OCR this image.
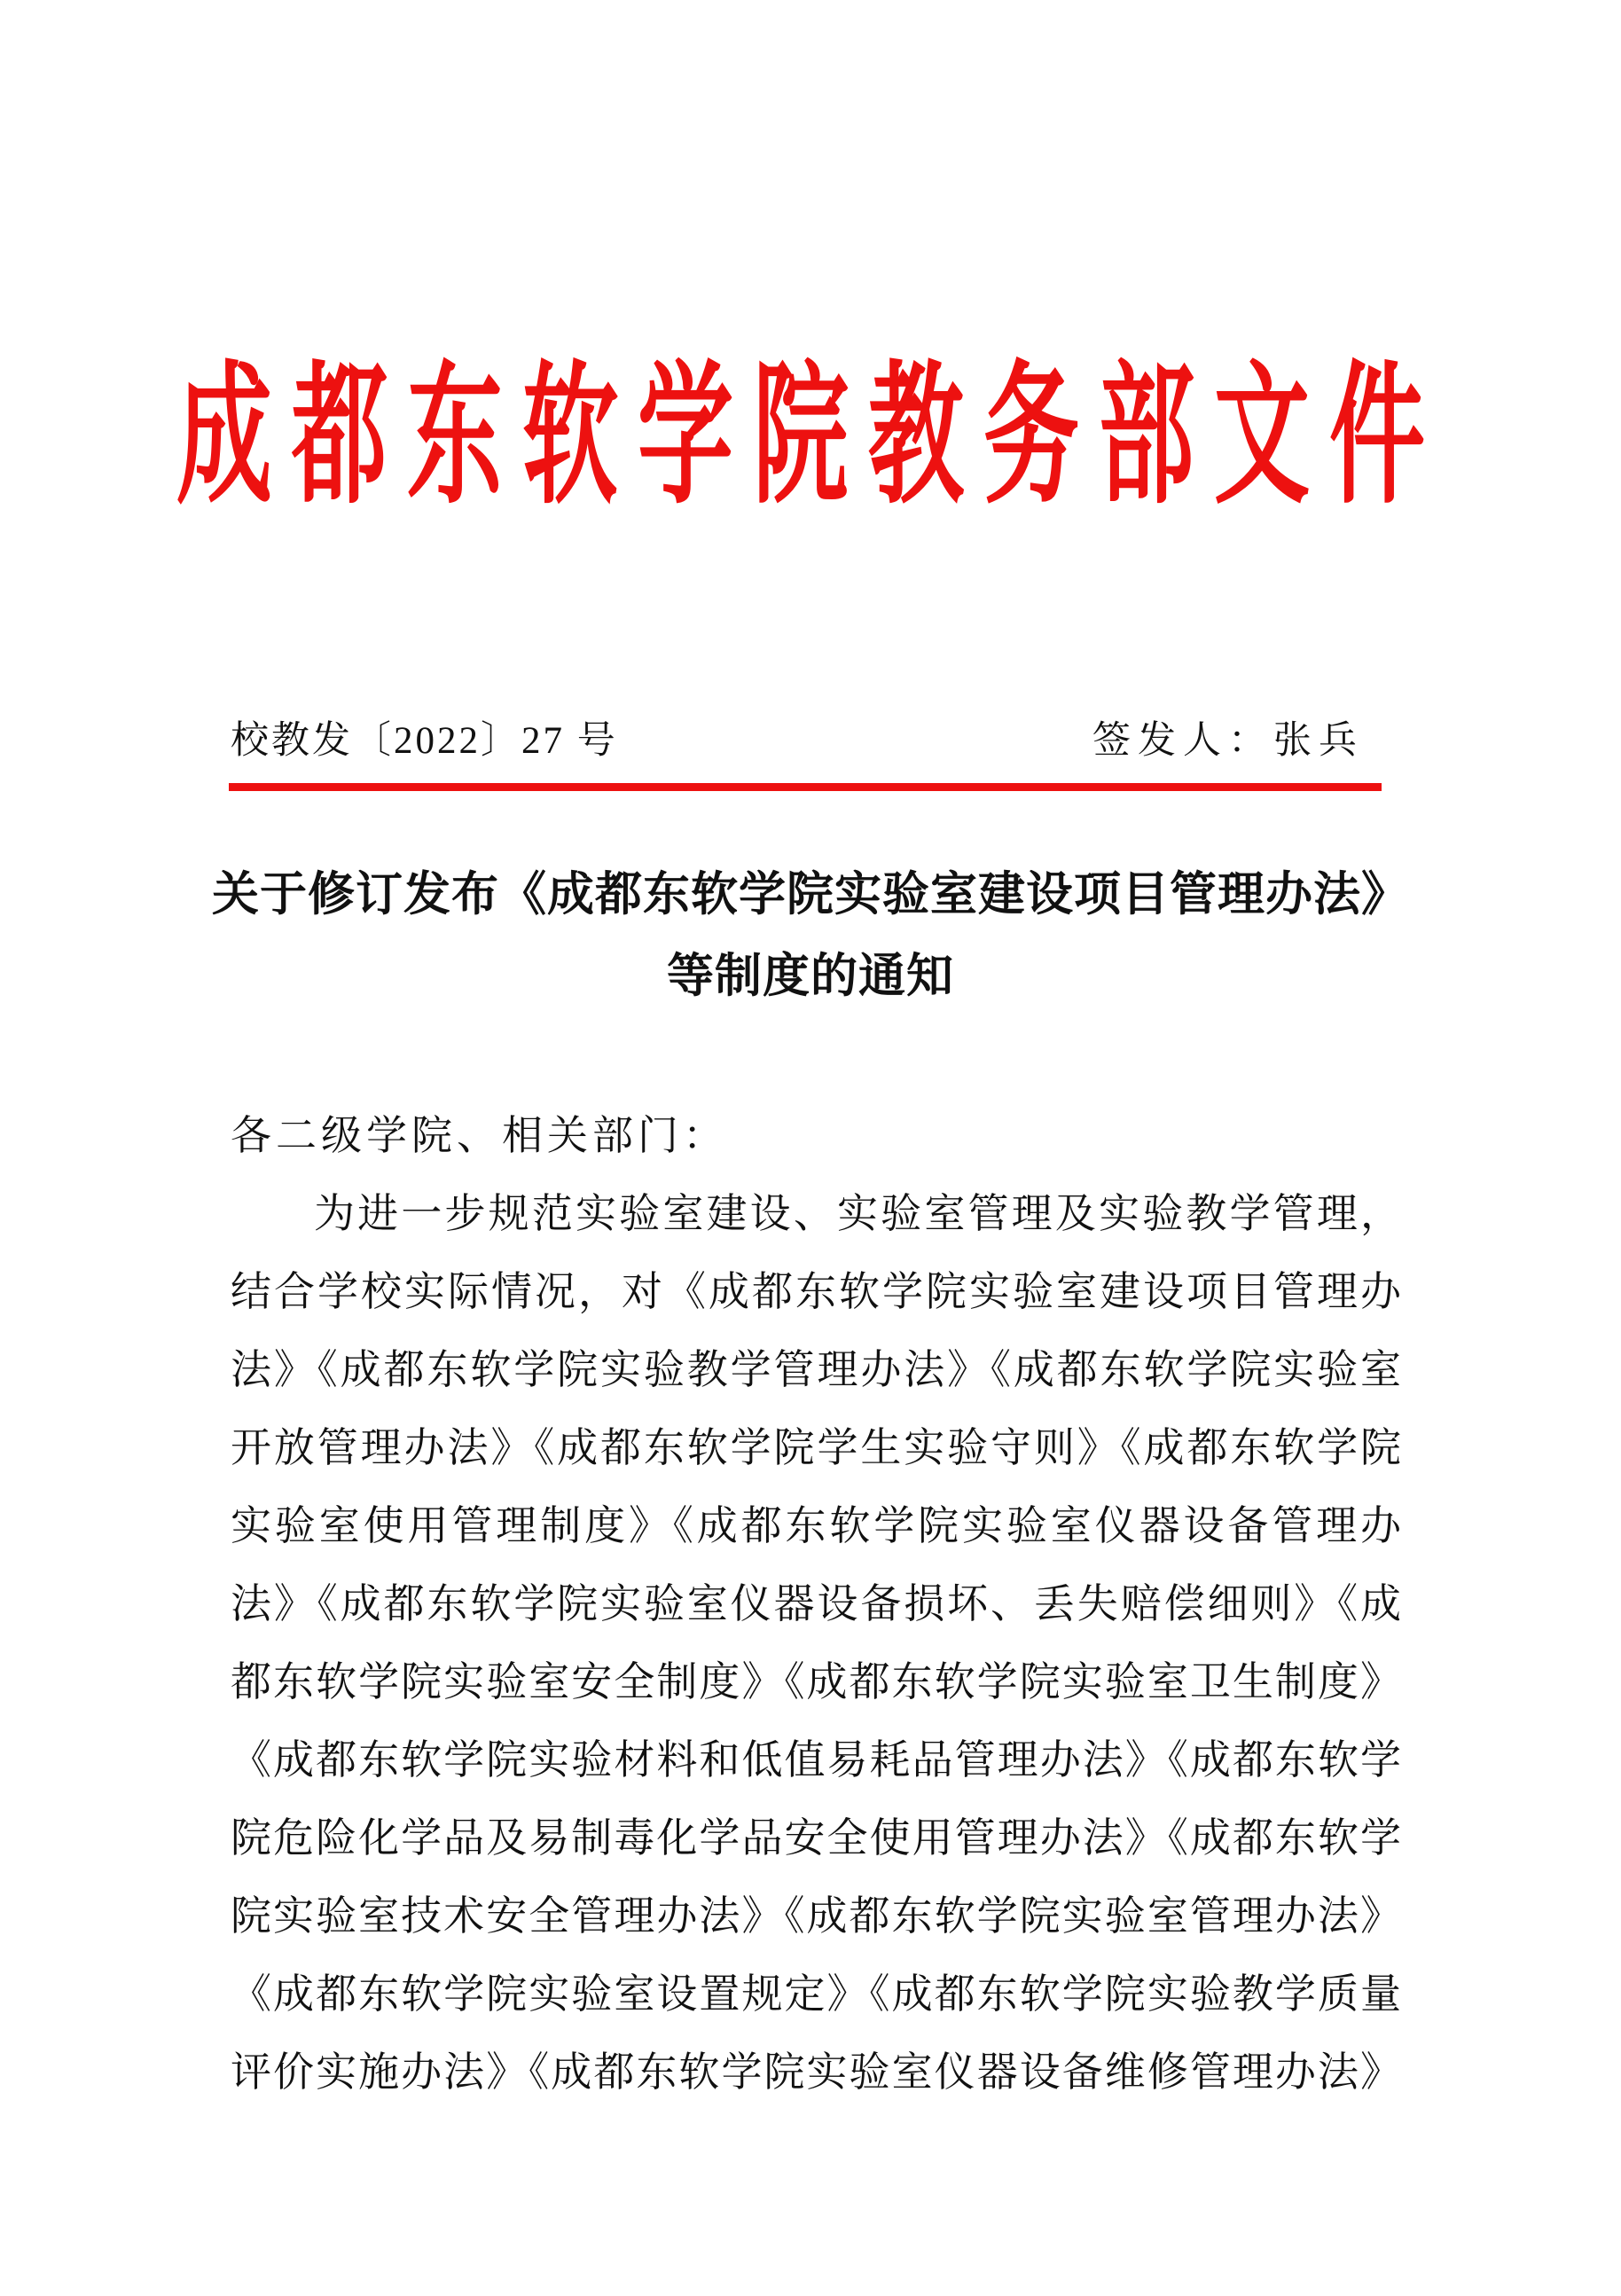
成都东软学院教务部文件
校教发〔2022〕27 号	签发人：张兵
关于修订发布《成都东软学院实验室建设项目管理办法》
等制度的通知
各二级学院、相关部门：
为进一步规范实验室建设、实验室管理及实验教学管理，
结合学校实际情况，对《成都东软学院实验室建设项目管理办
法》《成都东软学院实验教学管理办法》《成都东软学院实验室
开放管理办法》《成都东软学院学生实验守则》《成都东软学院
实验室使用管理制度》《成都东软学院实验室仪器设备管理办
法》《成都东软学院实验室仪器设备损坏、丢失赔偿细则》《成
都东软学院实验室安全制度》《成都东软学院实验室卫生制度》
《成都东软学院实验材料和低值易耗品管理办法》《成都东软学
院危险化学品及易制毒化学品安全使用管理办法》《成都东软学
院实验室技术安全管理办法》《成都东软学院实验室管理办法》
《成都东软学院实验室设置规定》《成都东软学院实验教学质量
评价实施办法》《成都东软学院实验室仪器设备维修管理办法》
